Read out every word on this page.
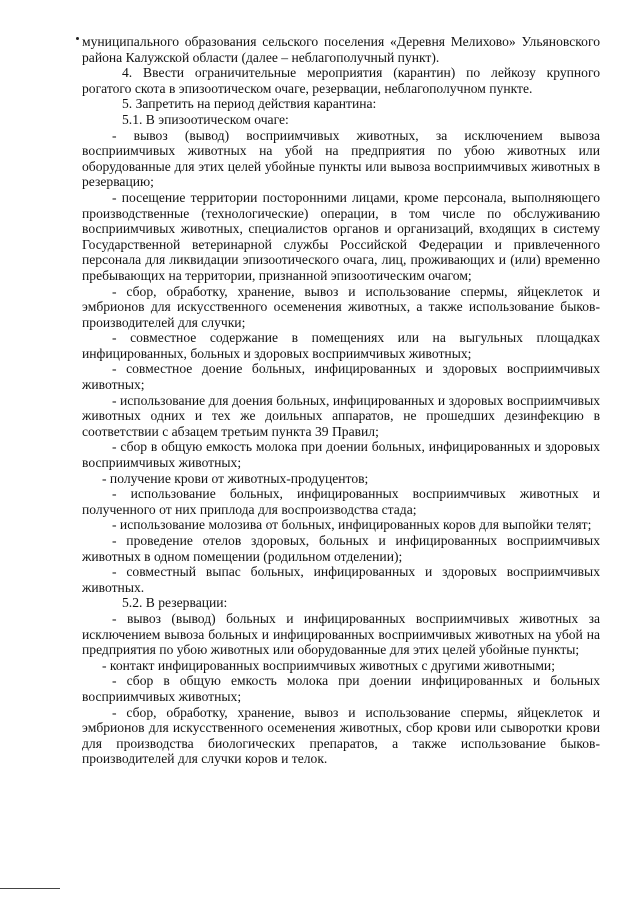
муниципального образования сельского поселения «Деревня Мелихово» Ульяновского района Калужской области (далее – неблагополучный пункт).

4. Ввести ограничительные мероприятия (карантин) по лейкозу крупного рогатого скота в эпизоотическом очаге, резервации, неблагополучном пункте.

5. Запретить на период действия карантина:

5.1. В эпизоотическом очаге:

- вывоз (вывод) восприимчивых животных, за исключением вывоза восприимчивых животных на убой на предприятия по убою животных или оборудованные для этих целей убойные пункты или вывоза восприимчивых животных в резервацию;

- посещение территории посторонними лицами, кроме персонала, выполняющего производственные (технологические) операции, в том числе по обслуживанию восприимчивых животных, специалистов органов и организаций, входящих в систему Государственной ветеринарной службы Российской Федерации и привлеченного персонала для ликвидации эпизоотического очага, лиц, проживающих и (или) временно пребывающих на территории, признанной эпизоотическим очагом;

- сбор, обработку, хранение, вывоз и использование спермы, яйцеклеток и эмбрионов для искусственного осеменения животных, а также использование быков-производителей для случки;

- совместное содержание в помещениях или на выгульных площадках инфицированных, больных и здоровых восприимчивых животных;

- совместное доение больных, инфицированных и здоровых восприимчивых животных;

- использование для доения больных, инфицированных и здоровых восприимчивых животных одних и тех же доильных аппаратов, не прошедших дезинфекцию в соответствии с абзацем третьим пункта 39 Правил;

- сбор в общую емкость молока при доении больных, инфицированных и здоровых восприимчивых животных;

- получение крови от животных-продуцентов;

- использование больных, инфицированных восприимчивых животных и полученного от них приплода для воспроизводства стада;

- использование молозива от больных, инфицированных коров для выпойки телят;

- проведение отелов здоровых, больных и инфицированных восприимчивых животных в одном помещении (родильном отделении);

- совместный выпас больных, инфицированных и здоровых восприимчивых животных.

5.2. В резервации:

- вывоз (вывод) больных и инфицированных восприимчивых животных за исключением вывоза больных и инфицированных восприимчивых животных на убой на предприятия по убою животных или оборудованные для этих целей убойные пункты;

- контакт инфицированных восприимчивых животных с другими животными;

- сбор в общую емкость молока при доении инфицированных и больных восприимчивых животных;

- сбор, обработку, хранение, вывоз и использование спермы, яйцеклеток и эмбрионов для искусственного осеменения животных, сбор крови или сыворотки крови для производства биологических препаратов, а также использование быков-производителей для случки коров и телок.
